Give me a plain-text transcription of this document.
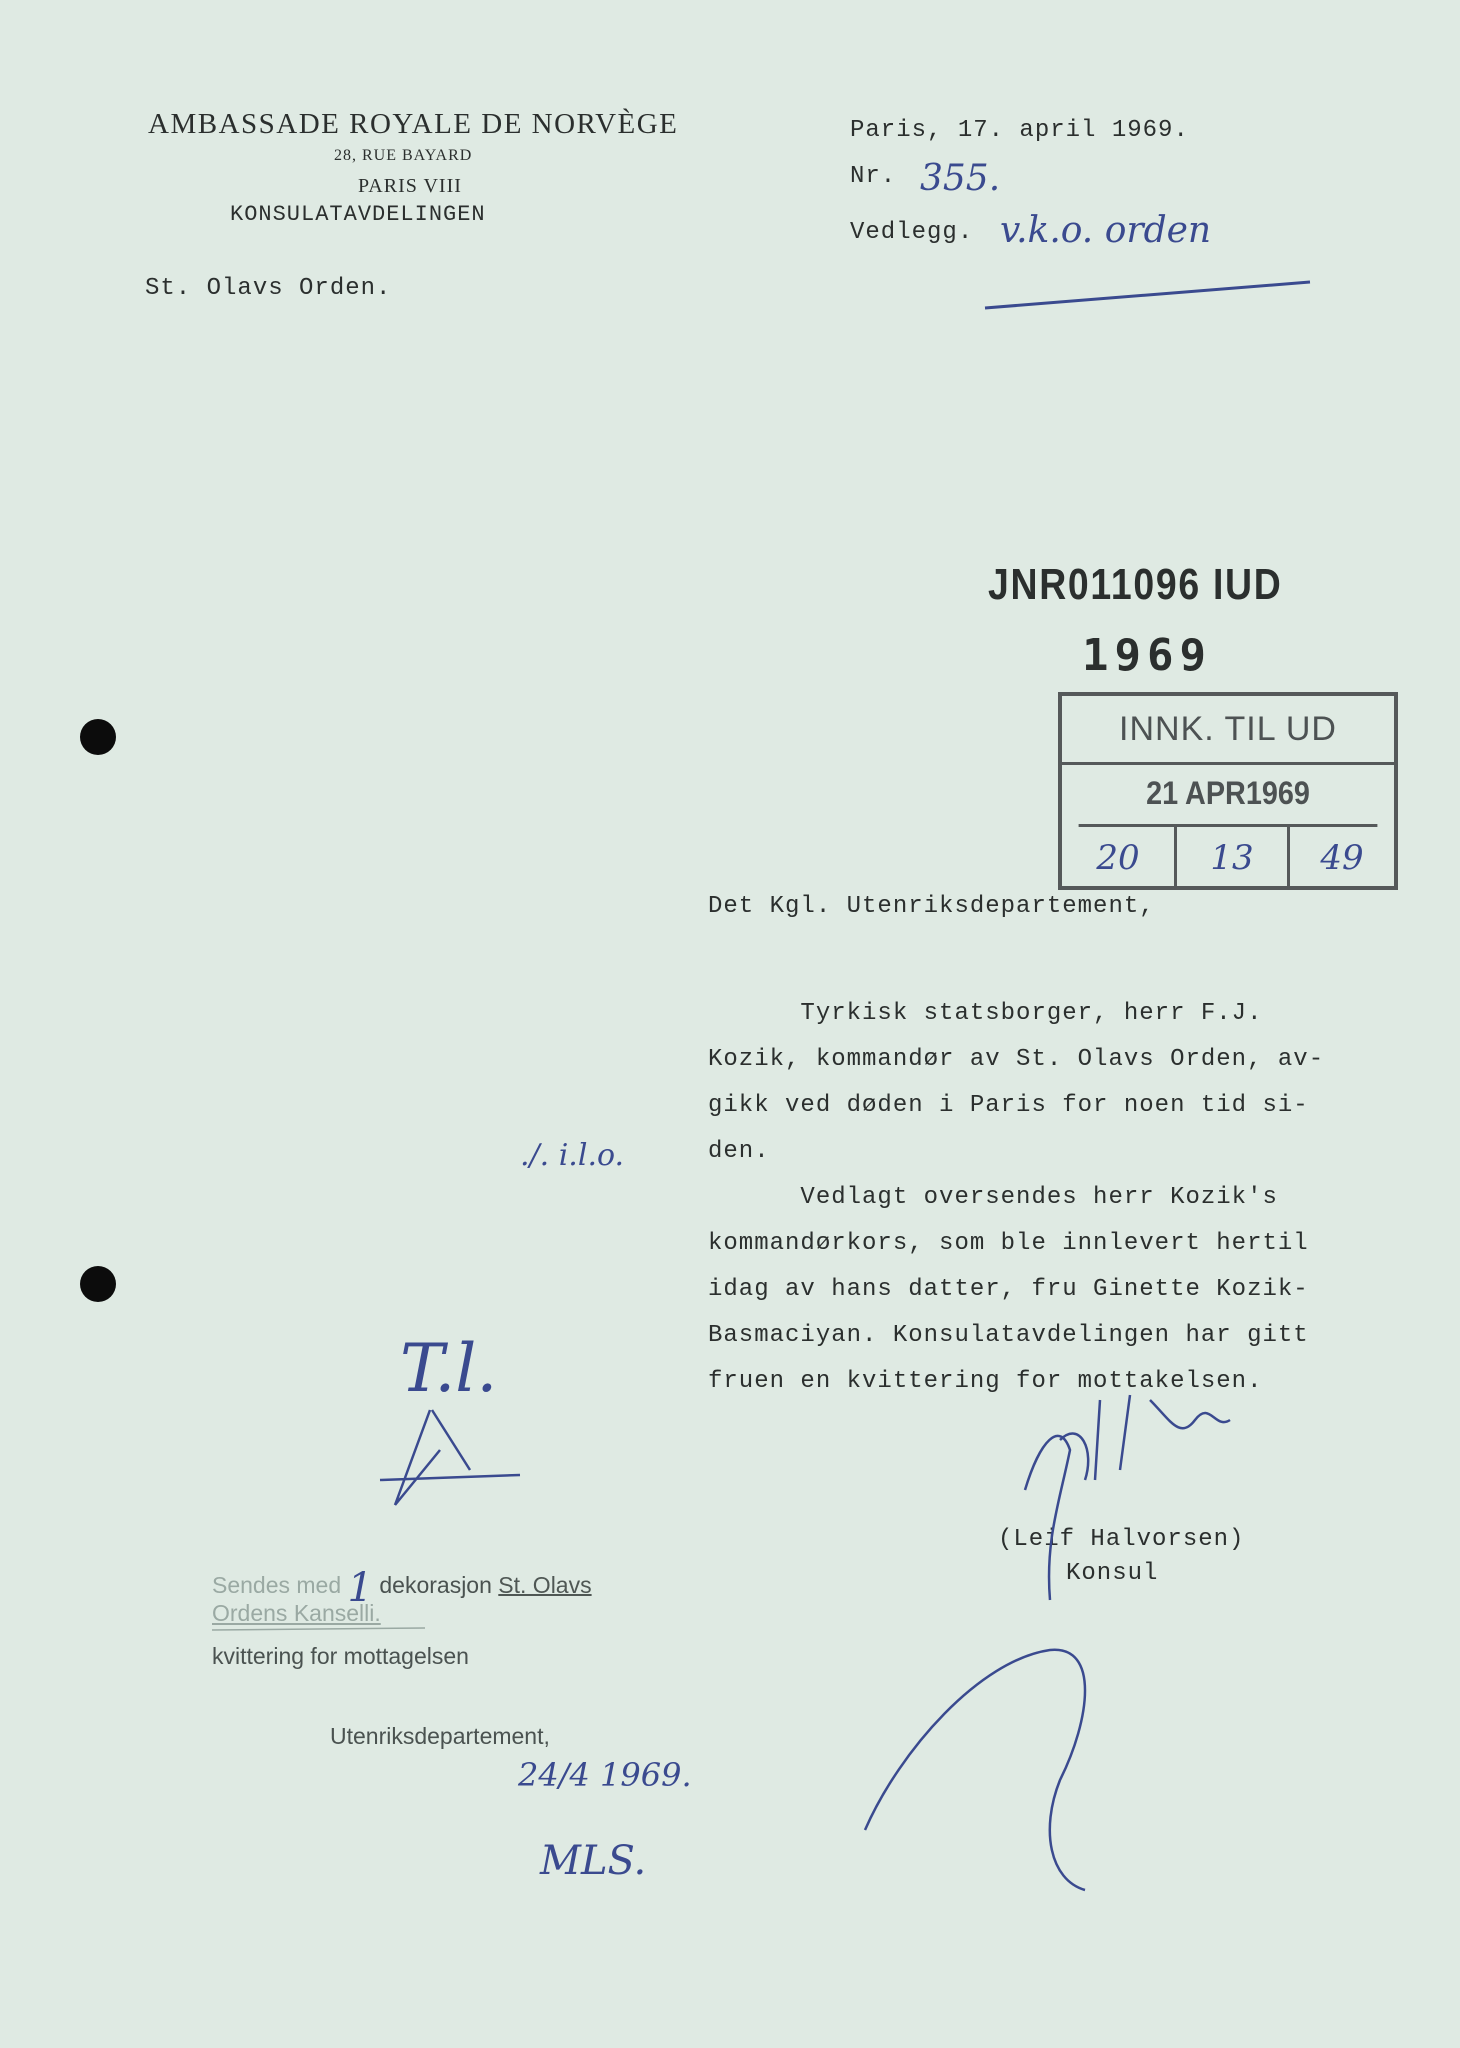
AMBASSADE ROYALE DE NORVÈGE
28, RUE BAYARD
PARIS VIII
KONSULATAVDELINGEN
St. Olavs Orden.
Paris, 17. april 1969.
Nr. 355.
Vedlegg. v.k.o. orden
JNR011096 IUD
1969
INNK. TIL UD
21 APR1969
20	13	49
Det Kgl. Utenriksdepartement,
Tyrkisk statsborger, herr F.J.
Kozik, kommandør av St. Olavs Orden, av-
gikk ved døden i Paris for noen tid si-
den.
Vedlagt oversendes herr Kozik's
kommandørkors, som ble innlevert hertil
idag av hans datter, fru Ginette Kozik-
Basmaciyan. Konsulatavdelingen har gitt
fruen en kvittering for mottakelsen.
(Leif Halvorsen)
Konsul
./. i.l.o.
T.l.
Sendes med 1 dekorasjon St. Olavs
Ordens Kanselli.
kvittering for mottagelsen
Utenriksdepartement,
24/4 1969.
MLS.
